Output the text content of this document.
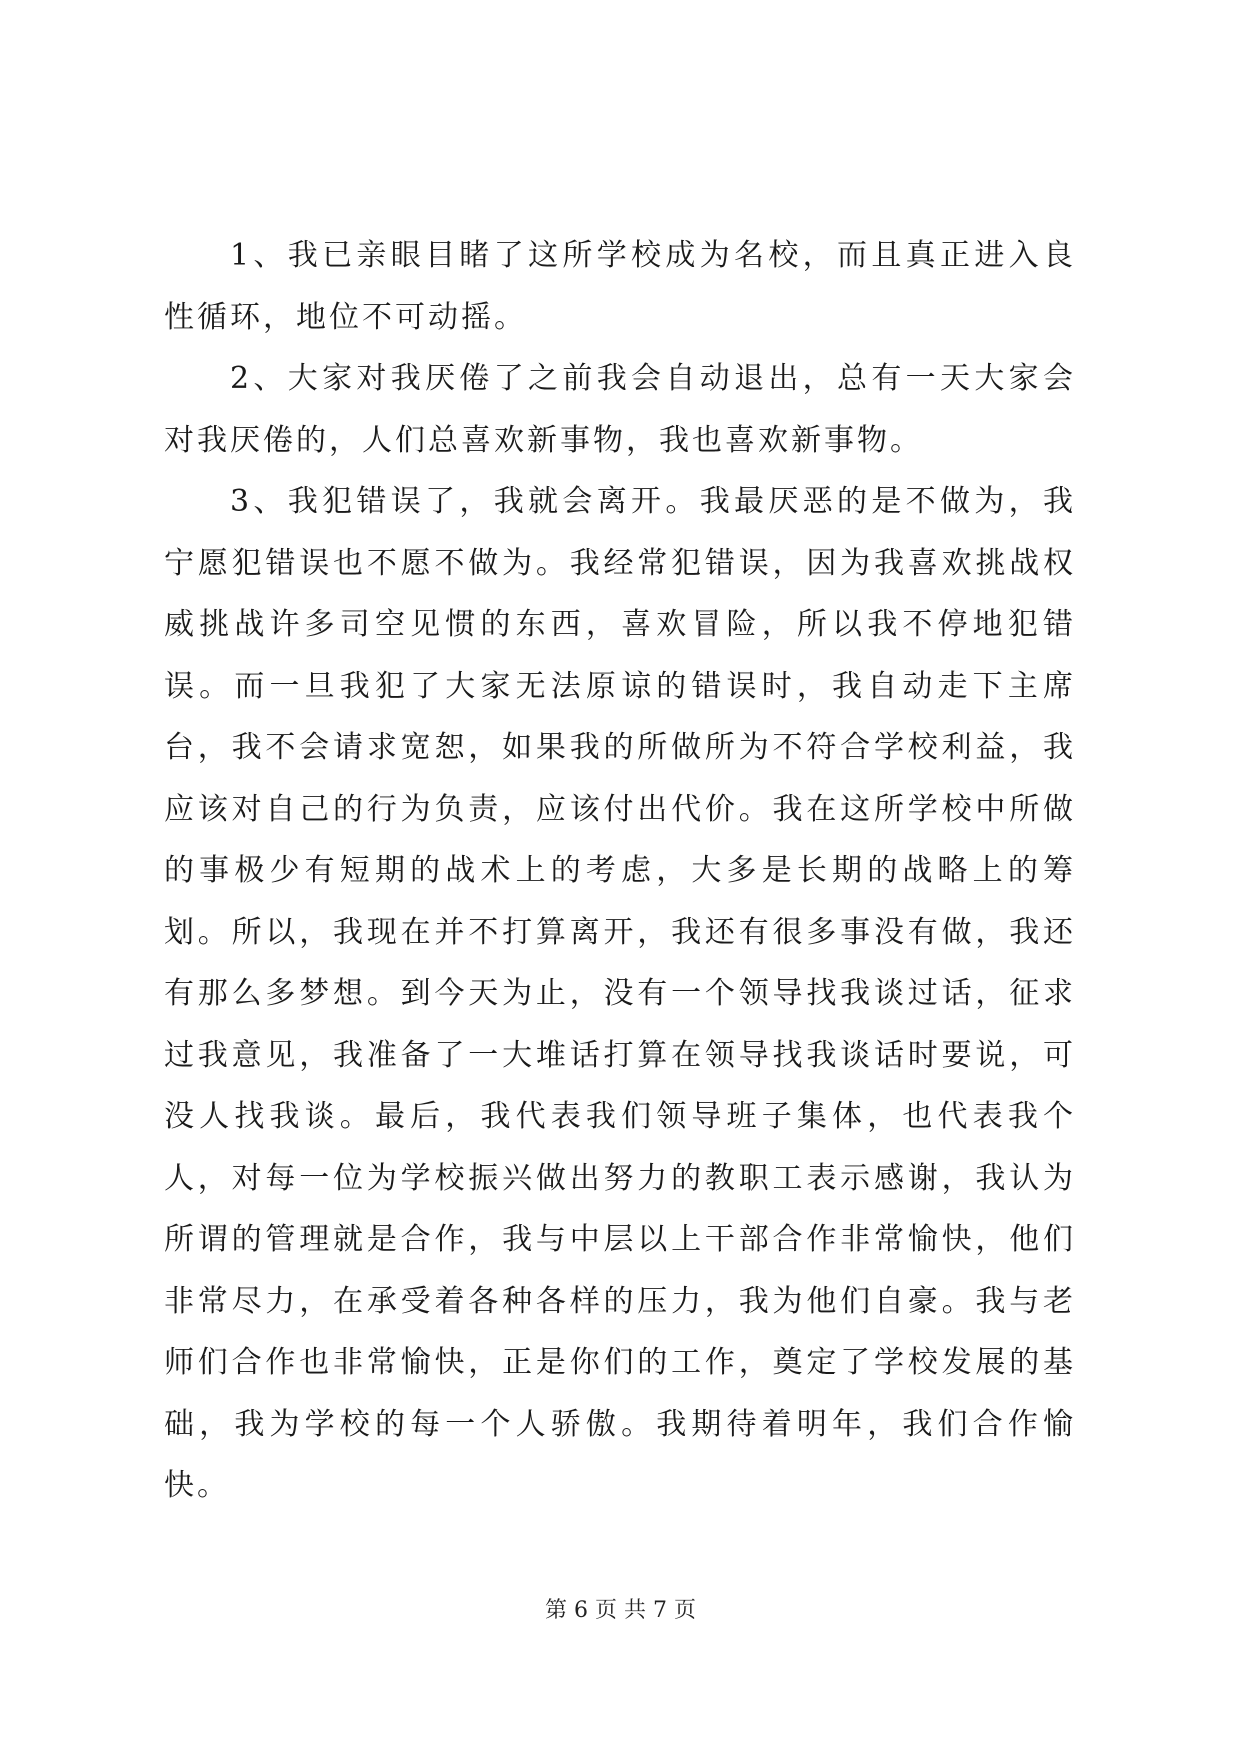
1、我已亲眼目睹了这所学校成为名校，而且真正进入良性循环，地位不可动摇。

2、大家对我厌倦了之前我会自动退出，总有一天大家会对我厌倦的，人们总喜欢新事物，我也喜欢新事物。

3、我犯错误了，我就会离开。我最厌恶的是不做为，我宁愿犯错误也不愿不做为。我经常犯错误，因为我喜欢挑战权威挑战许多司空见惯的东西，喜欢冒险，所以我不停地犯错误。而一旦我犯了大家无法原谅的错误时，我自动走下主席台，我不会请求宽恕，如果我的所做所为不符合学校利益，我应该对自己的行为负责，应该付出代价。我在这所学校中所做的事极少有短期的战术上的考虑，大多是长期的战略上的筹划。所以，我现在并不打算离开，我还有很多事没有做，我还有那么多梦想。到今天为止，没有一个领导找我谈过话，征求过我意见，我准备了一大堆话打算在领导找我谈话时要说，可没人找我谈。最后，我代表我们领导班子集体，也代表我个人，对每一位为学校振兴做出努力的教职工表示感谢，我认为所谓的管理就是合作，我与中层以上干部合作非常愉快，他们非常尽力，在承受着各种各样的压力，我为他们自豪。我与老师们合作也非常愉快，正是你们的工作，奠定了学校发展的基础，我为学校的每一个人骄傲。我期待着明年，我们合作愉快。

第 6 页 共 7 页
